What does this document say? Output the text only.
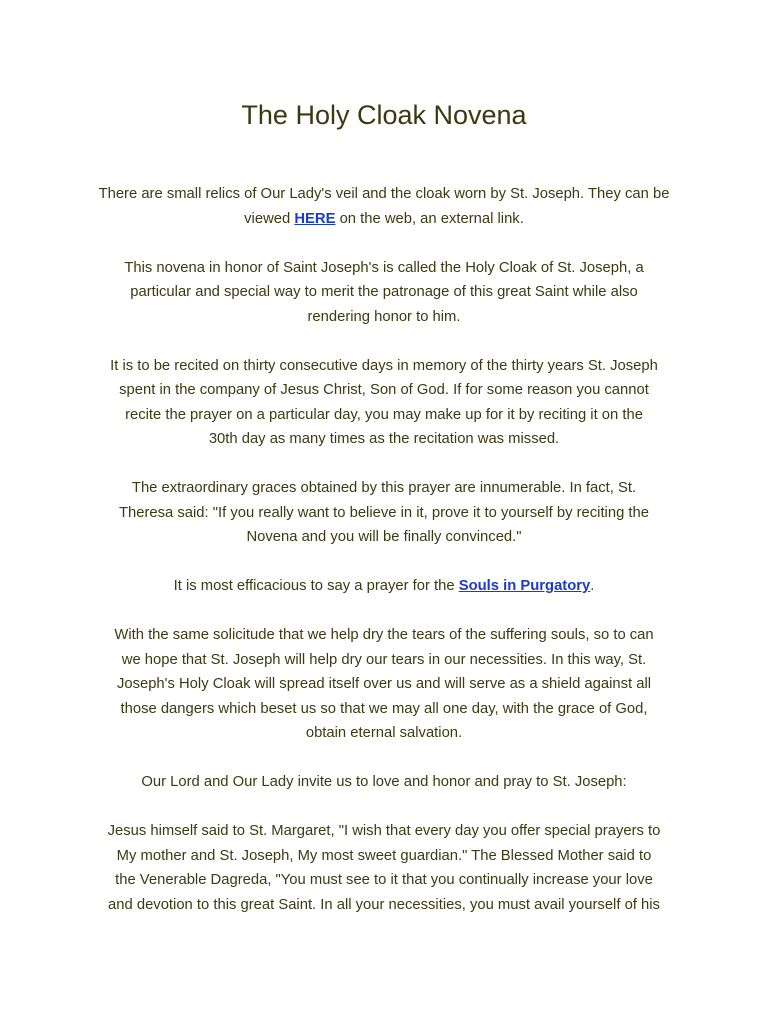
The Holy Cloak Novena

There are small relics of Our Lady's veil and the cloak worn by St. Joseph. They can be
viewed HERE on the web, an external link.

This novena in honor of Saint Joseph's is called the Holy Cloak of St. Joseph, a
particular and special way to merit the patronage of this great Saint while also
rendering honor to him.

It is to be recited on thirty consecutive days in memory of the thirty years St. Joseph
spent in the company of Jesus Christ, Son of God. If for some reason you cannot
recite the prayer on a particular day, you may make up for it by reciting it on the
30th day as many times as the recitation was missed.

The extraordinary graces obtained by this prayer are innumerable. In fact, St.
Theresa said: "If you really want to believe in it, prove it to yourself by reciting the
Novena and you will be finally convinced."

It is most efficacious to say a prayer for the Souls in Purgatory.

With the same solicitude that we help dry the tears of the suffering souls, so to can
we hope that St. Joseph will help dry our tears in our necessities. In this way, St.
Joseph's Holy Cloak will spread itself over us and will serve as a shield against all
those dangers which beset us so that we may all one day, with the grace of God,
obtain eternal salvation.

Our Lord and Our Lady invite us to love and honor and pray to St. Joseph:

Jesus himself said to St. Margaret, "I wish that every day you offer special prayers to
My mother and St. Joseph, My most sweet guardian." The Blessed Mother said to
the Venerable Dagreda, "You must see to it that you continually increase your love
and devotion to this great Saint. In all your necessities, you must avail yourself of his
